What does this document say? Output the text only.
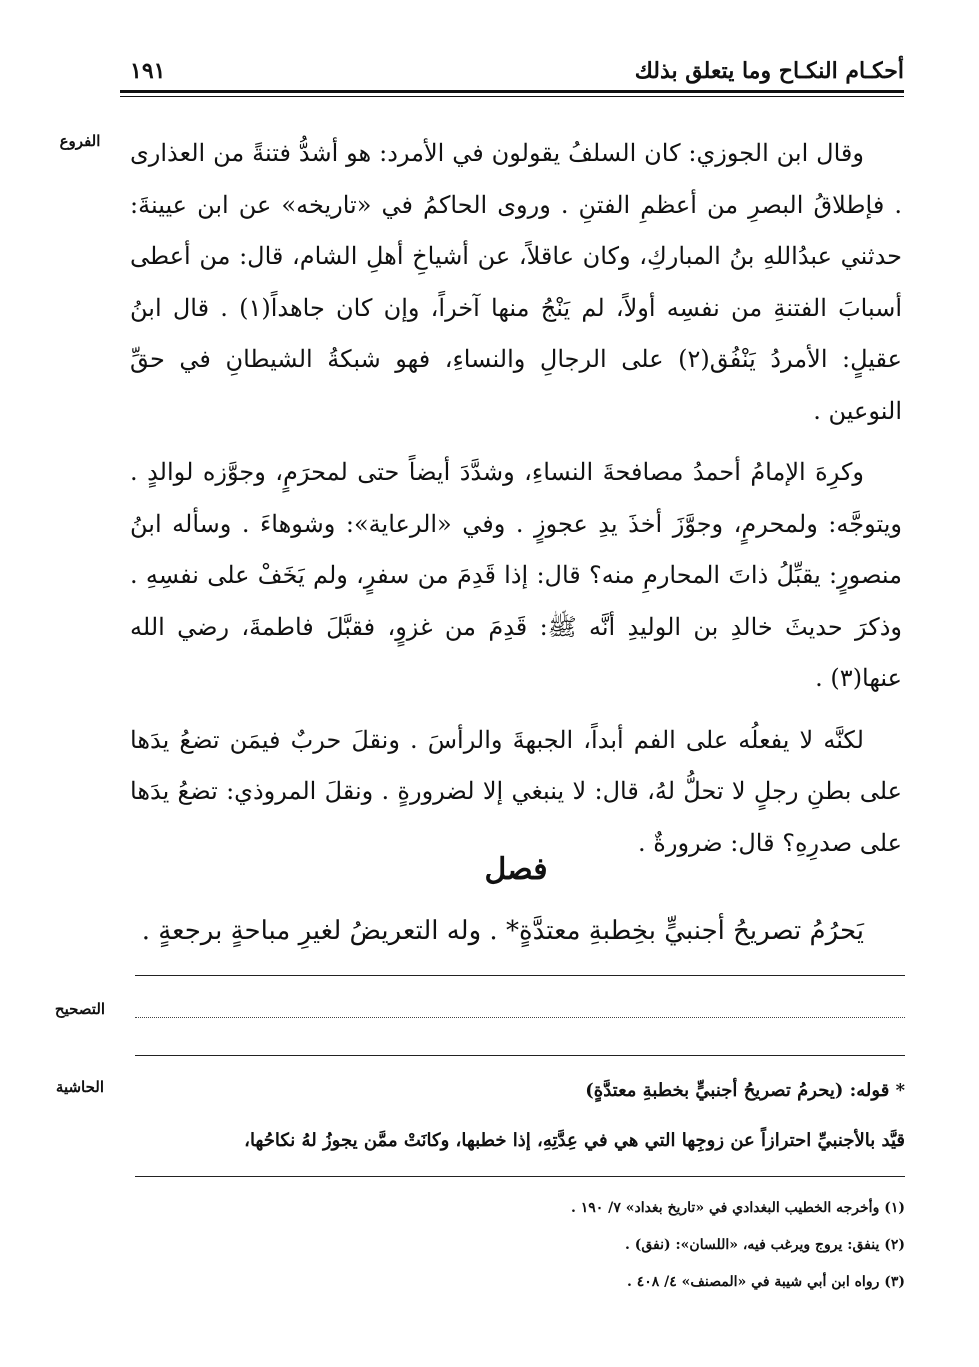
أحكـام النكـاح وما يتعلق بذلك
١٩١
الفروع
التصحيح
الحاشية

وقال ابن الجوزي: كان السلفُ يقولون في الأمرد: هو أشدُّ فتنةً من العذارى . فإطلاقُ البصرِ من أعظمِ الفتنِ . وروى الحاكمُ في «تاريخه» عن ابن عيينةَ: حدثني عبدُاللهِ بنُ المباركِ، وكان عاقلاً، عن أشياخِ أهلِ الشام، قال: من أعطى أسبابَ الفتنةِ من نفسِه أولاً، لم يَنْجُ منها آخراً، وإن كان جاهداً(١) . قال ابنُ عقيلٍ: الأمردُ يَنْفُق(٢) على الرجالِ والنساءِ، فهو شبكةُ الشيطانِ في حقِّ النوعين .

وكرِهَ الإمامُ أحمدُ مصافحةَ النساءِ، وشدَّدَ أيضاً حتى لمحرَمٍ، وجوَّزه لوالدٍ . ويتوجَّه: ولمحرمٍ، وجوَّزَ أخذَ يدِ عجوزٍ . وفي «الرعاية»: وشوهاءَ . وسأله ابنُ منصورٍ: يقبِّلُ ذاتَ المحارمِ منه؟ قال: إذا قَدِمَ من سفرٍ، ولم يَخَفْ على نفسِهِ . وذكرَ حديثَ خالدِ بن الوليدِ أنَّه ﷺ: قَدِمَ من غزوٍ، فقبَّلَ فاطمةَ، رضي الله عنها(٣) .

لكنَّه لا يفعلُه على الفم أبداً، الجبهةَ والرأسَ . ونقلَ حربٌ فيمَن تضعُ يدَها على بطنِ رجلٍ لا تحلُّ لهُ، قال: لا ينبغي إلا لضرورةٍ . ونقلَ المروذي: تضعُ يدَها على صدرِهِ؟ قال: ضرورةٌ .

فصل
يَحرُمُ تصريحُ أجنبيٍّ بخِطبةِ معتدَّةٍ* . وله التعريضُ لغيرِ مباحةٍ برجعةٍ .
* قوله: (يحرمُ تصريحُ أجنبيٍّ بخطبةِ معتدَّةٍ)
قيَّد بالأجنبيِّ احترازاً عن زوجِها التي هي في عِدَّتِهِ، إذا خطبها، وكانَتْ ممَّن يجوزُ لهُ نكاحُها،
(١) وأخرجه الخطيب البغدادي في «تاريخ بغداد» ٧/ ١٩٠ .
(٢) ينفق: يروج ويرغب فيه، «اللسان»: (نفق) .
(٣) رواه ابن أبي شيبة في «المصنف» ٤/ ٤٠٨ .
